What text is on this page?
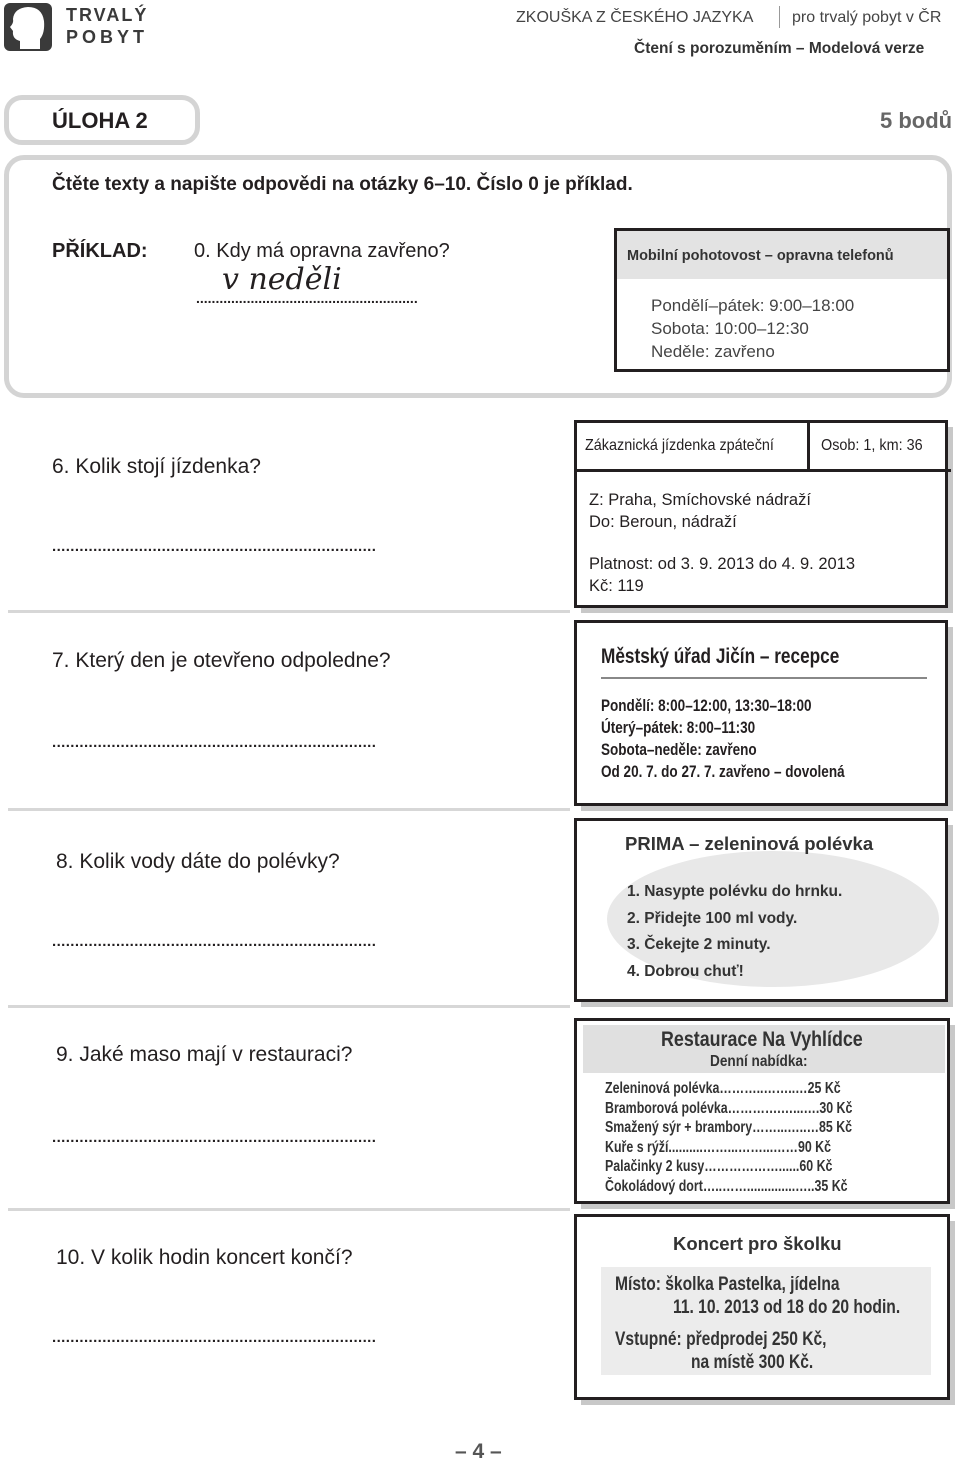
TRVALÝ
POBYT
ZKOUŠKA Z ČESKÉHO JAZYKA pro trvalý pobyt v ČR
Čtení s porozuměním – Modelová verze
ÚLOHA 2	5 bodů
Čtěte texty a napište odpovědi na otázky 6–10. Číslo 0 je příklad.
PŘÍKLAD: 0. Kdy má opravna zavřeno?
v neděli
.........................................................
Mobilní pohotovost – opravna telefonů
Pondělí–pátek: 9:00–18:00
Sobota: 10:00–12:30
Neděle: zavřeno
6. Kolik stojí jízdenka?
.......................................................................
Zákaznická jízdenka zpáteční	Osob: 1, km: 36
Z: Praha, Smíchovské nádraží
Do: Beroun, nádraží
Platnost: od 3. 9. 2013 do 4. 9. 2013
Kč: 119
7. Který den je otevřeno odpoledne?
.......................................................................
Městský úřad Jičín – recepce
Pondělí: 8:00–12:00, 13:30–18:00
Úterý–pátek: 8:00–11:30
Sobota–neděle: zavřeno
Od 20. 7. do 27. 7. zavřeno – dovolená
8. Kolik vody dáte do polévky?
.......................................................................
PRIMA – zeleninová polévka
1. Nasypte polévku do hrnku.
2. Přidejte 100 ml vody.
3. Čekejte 2 minuty.
4. Dobrou chuť!
9. Jaké maso mají v restauraci?
.......................................................................
Restaurace Na Vyhlídce
Denní nabídka:
Zeleninová polévka………..……..…25 Kč
Bramborová polévka………….…...….30 Kč
Smažený sýr + brambory……...…..…85 Kč
Kuře s rýží..........……...……...……90 Kč
Palačinky 2 kusy………………......60 Kč
Čokoládový dort…..……..............…..35 Kč
10. V kolik hodin koncert končí?
.......................................................................
Koncert pro školku
Místo: školka Pastelka, jídelna
11. 10. 2013 od 18 do 20 hodin.
Vstupné: předprodej 250 Kč,
na místě 300 Kč.
– 4 –
